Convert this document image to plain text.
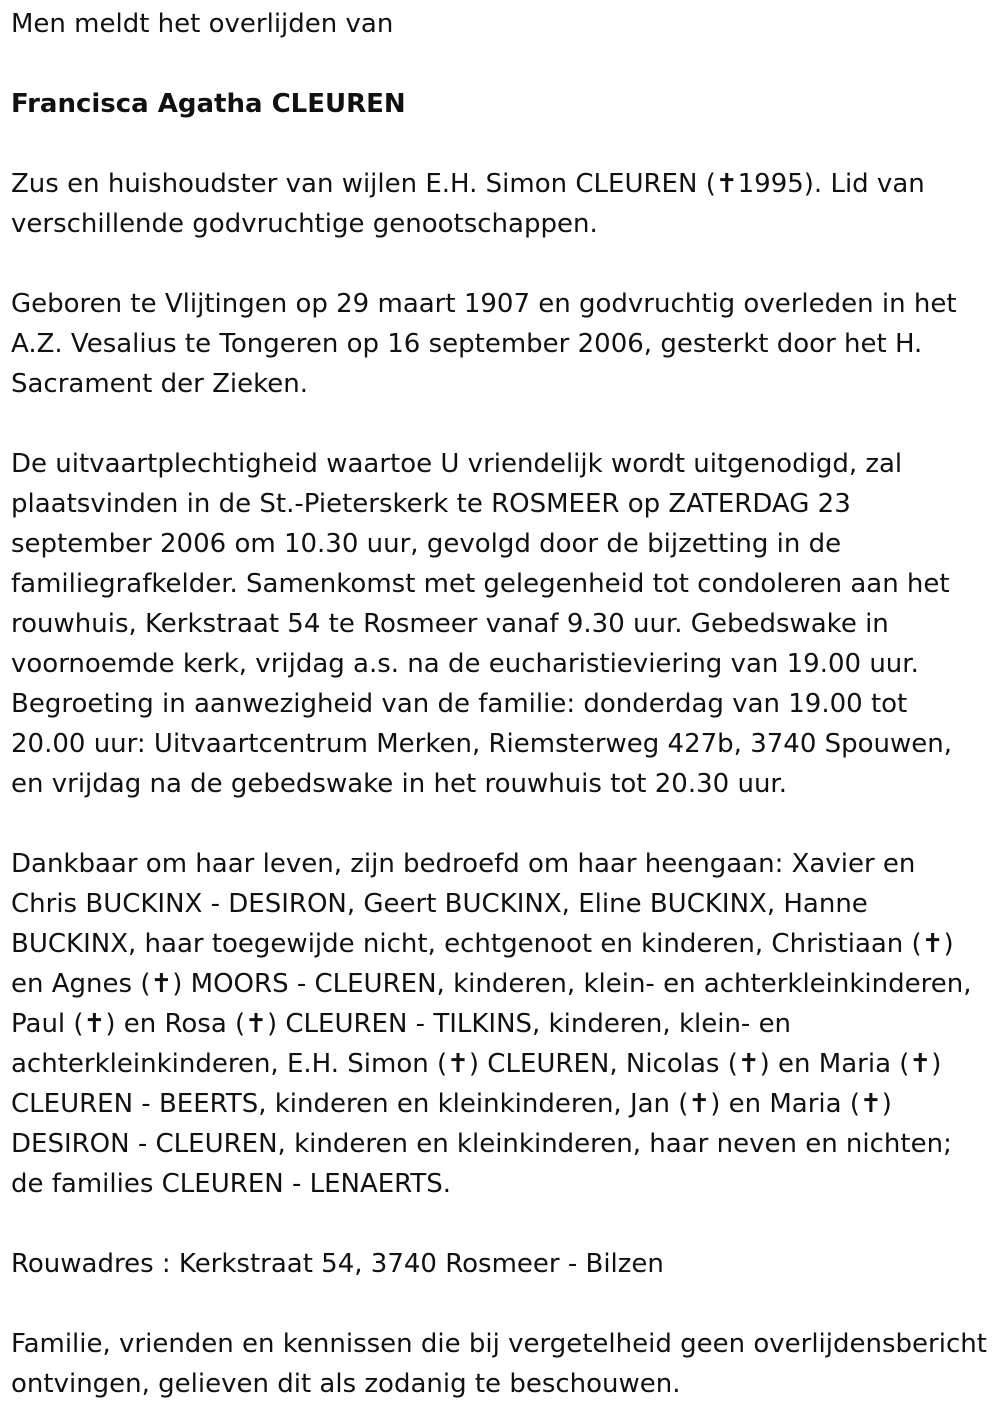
Men meldt het overlijden van

Francisca Agatha CLEUREN

Zus en huishoudster van wijlen E.H. Simon CLEUREN (✝1995). Lid van verschillende godvruchtige genootschappen.

Geboren te Vlijtingen op 29 maart 1907 en godvruchtig overleden in het A.Z. Vesalius te Tongeren op 16 september 2006, gesterkt door het H. Sacrament der Zieken.

De uitvaartplechtigheid waartoe U vriendelijk wordt uitgenodigd, zal plaatsvinden in de St.-Pieterskerk te ROSMEER op ZATERDAG 23 september 2006 om 10.30 uur, gevolgd door de bijzetting in de familiegrafkelder. Samenkomst met gelegenheid tot condoleren aan het rouwhuis, Kerkstraat 54 te Rosmeer vanaf 9.30 uur. Gebedswake in voornoemde kerk, vrijdag a.s. na de eucharistieviering van 19.00 uur. Begroeting in aanwezigheid van de familie: donderdag van 19.00 tot 20.00 uur: Uitvaartcentrum Merken, Riemsterweg 427b, 3740 Spouwen, en vrijdag na de gebedswake in het rouwhuis tot 20.30 uur.

Dankbaar om haar leven, zijn bedroefd om haar heengaan: Xavier en Chris BUCKINX - DESIRON, Geert BUCKINX, Eline BUCKINX, Hanne BUCKINX, haar toegewijde nicht, echtgenoot en kinderen, Christiaan (✝) en Agnes (✝) MOORS - CLEUREN, kinderen, klein- en achterkleinkinderen, Paul (✝) en Rosa (✝) CLEUREN - TILKINS, kinderen, klein- en achterkleinkinderen, E.H. Simon (✝) CLEUREN, Nicolas (✝) en Maria (✝) CLEUREN - BEERTS, kinderen en kleinkinderen, Jan (✝) en Maria (✝) DESIRON - CLEUREN, kinderen en kleinkinderen, haar neven en nichten; de families CLEUREN - LENAERTS.

Rouwadres : Kerkstraat 54, 3740 Rosmeer - Bilzen

Familie, vrienden en kennissen die bij vergetelheid geen overlijdensbericht ontvingen, gelieven dit als zodanig te beschouwen.
